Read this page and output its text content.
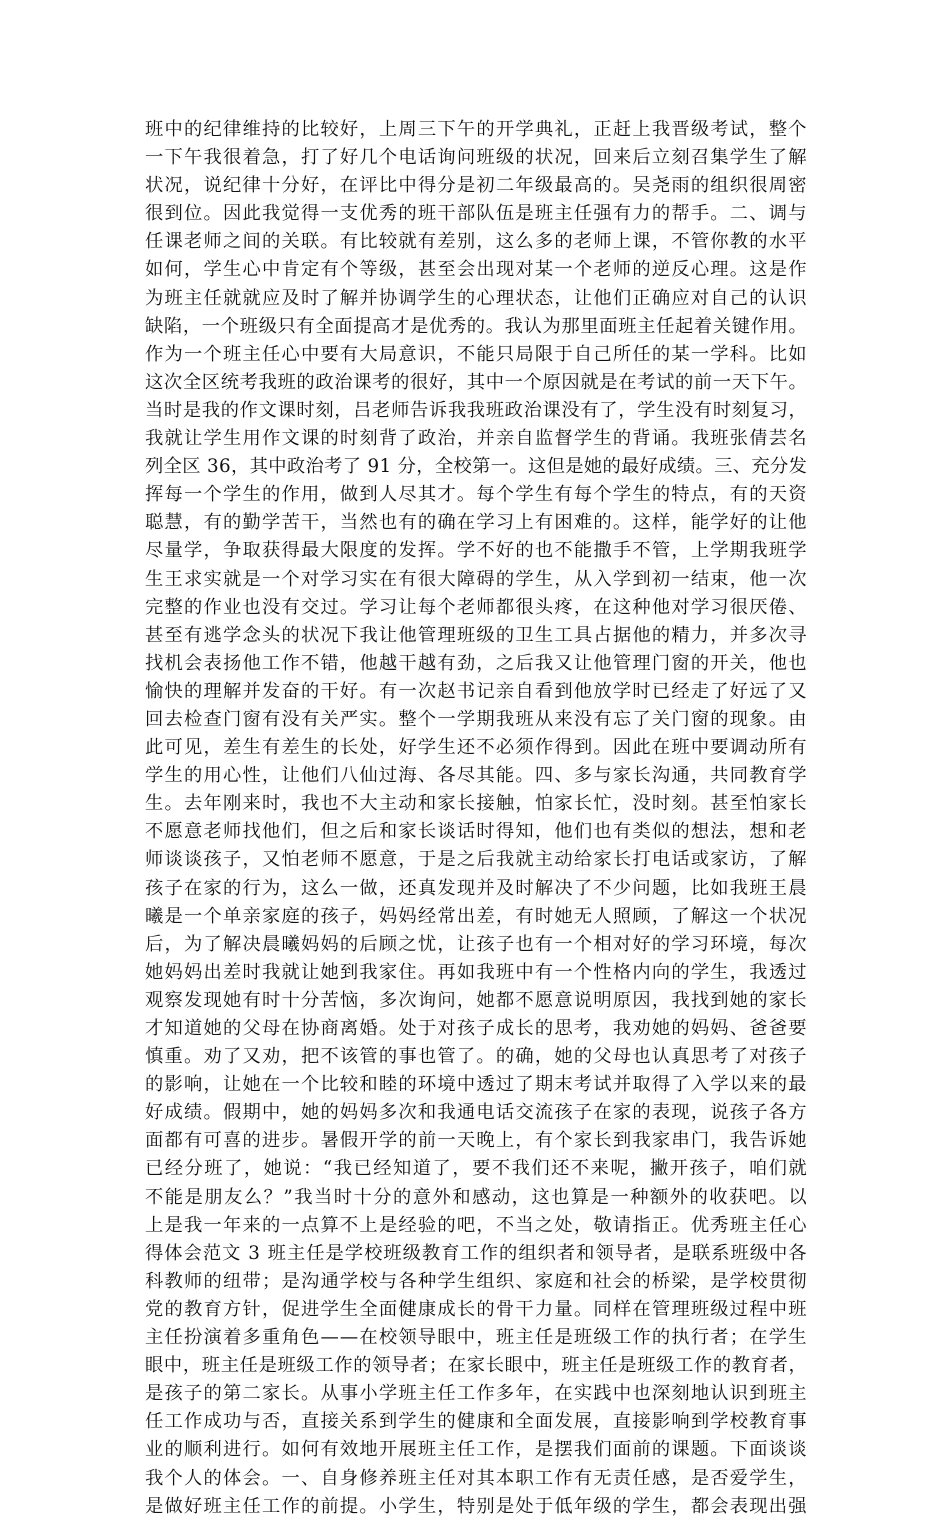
班中的纪律维持的比较好，上周三下午的开学典礼，正赶上我晋级考试，整个
一下午我很着急，打了好几个电话询问班级的状况，回来后立刻召集学生了解
状况，说纪律十分好，在评比中得分是初二年级最高的。吴尧雨的组织很周密
很到位。因此我觉得一支优秀的班干部队伍是班主任强有力的帮手。二、调与
任课老师之间的关联。有比较就有差别，这么多的老师上课，不管你教的水平
如何，学生心中肯定有个等级，甚至会出现对某一个老师的逆反心理。这是作
为班主任就就应及时了解并协调学生的心理状态，让他们正确应对自己的认识
缺陷，一个班级只有全面提高才是优秀的。我认为那里面班主任起着关键作用。
作为一个班主任心中要有大局意识，不能只局限于自己所任的某一学科。比如
这次全区统考我班的政治课考的很好，其中一个原因就是在考试的前一天下午。
当时是我的作文课时刻，吕老师告诉我我班政治课没有了，学生没有时刻复习，
我就让学生用作文课的时刻背了政治，并亲自监督学生的背诵。我班张倩芸名
列全区 36，其中政治考了 91 分，全校第一。这但是她的最好成绩。三、充分发
挥每一个学生的作用，做到人尽其才。每个学生有每个学生的特点，有的天资
聪慧，有的勤学苦干，当然也有的确在学习上有困难的。这样，能学好的让他
尽量学，争取获得最大限度的发挥。学不好的也不能撒手不管，上学期我班学
生王求实就是一个对学习实在有很大障碍的学生，从入学到初一结束，他一次
完整的作业也没有交过。学习让每个老师都很头疼，在这种他对学习很厌倦、
甚至有逃学念头的状况下我让他管理班级的卫生工具占据他的精力，并多次寻
找机会表扬他工作不错，他越干越有劲，之后我又让他管理门窗的开关，他也
愉快的理解并发奋的干好。有一次赵书记亲自看到他放学时已经走了好远了又
回去检查门窗有没有关严实。整个一学期我班从来没有忘了关门窗的现象。由
此可见，差生有差生的长处，好学生还不必须作得到。因此在班中要调动所有
学生的用心性，让他们八仙过海、各尽其能。四、多与家长沟通，共同教育学
生。去年刚来时，我也不大主动和家长接触，怕家长忙，没时刻。甚至怕家长
不愿意老师找他们，但之后和家长谈话时得知，他们也有类似的想法，想和老
师谈谈孩子，又怕老师不愿意，于是之后我就主动给家长打电话或家访，了解
孩子在家的行为，这么一做，还真发现并及时解决了不少问题，比如我班王晨
曦是一个单亲家庭的孩子，妈妈经常出差，有时她无人照顾，了解这一个状况
后，为了解决晨曦妈妈的后顾之忧，让孩子也有一个相对好的学习环境，每次
她妈妈出差时我就让她到我家住。再如我班中有一个性格内向的学生，我透过
观察发现她有时十分苦恼，多次询问，她都不愿意说明原因，我找到她的家长
才知道她的父母在协商离婚。处于对孩子成长的思考，我劝她的妈妈、爸爸要
慎重。劝了又劝，把不该管的事也管了。的确，她的父母也认真思考了对孩子
的影响，让她在一个比较和睦的环境中透过了期末考试并取得了入学以来的最
好成绩。假期中，她的妈妈多次和我通电话交流孩子在家的表现，说孩子各方
面都有可喜的进步。暑假开学的前一天晚上，有个家长到我家串门，我告诉她
已经分班了，她说：“我已经知道了，要不我们还不来呢，撇开孩子，咱们就
不能是朋友么？”我当时十分的意外和感动，这也算是一种额外的收获吧。以
上是我一年来的一点算不上是经验的吧，不当之处，敬请指正。优秀班主任心
得体会范文 3 班主任是学校班级教育工作的组织者和领导者，是联系班级中各
科教师的纽带；是沟通学校与各种学生组织、家庭和社会的桥梁，是学校贯彻
党的教育方针，促进学生全面健康成长的骨干力量。同样在管理班级过程中班
主任扮演着多重角色——在校领导眼中，班主任是班级工作的执行者；在学生
眼中，班主任是班级工作的领导者；在家长眼中，班主任是班级工作的教育者，
是孩子的第二家长。从事小学班主任工作多年，在实践中也深刻地认识到班主
任工作成功与否，直接关系到学生的健康和全面发展，直接影响到学校教育事
业的顺利进行。如何有效地开展班主任工作，是摆我们面前的课题。下面谈谈
我个人的体会。一、自身修养班主任对其本职工作有无责任感，是否爱学生，
是做好班主任工作的前提。小学生，特别是处于低年级的学生，都会表现出强
